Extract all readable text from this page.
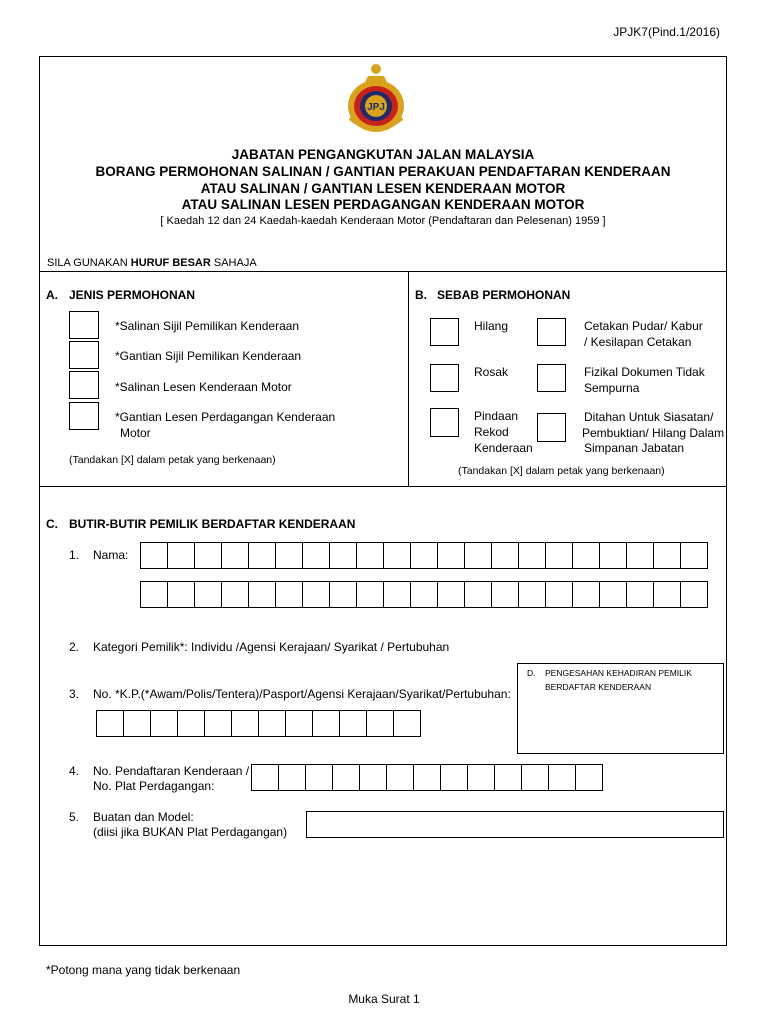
JPJK7(Pind.1/2016)
JPJ
JABATAN PENGANGKUTAN JALAN MALAYSIA
BORANG PERMOHONAN SALINAN / GANTIAN PERAKUAN PENDAFTARAN KENDERAAN
ATAU SALINAN / GANTIAN LESEN KENDERAAN MOTOR
ATAU SALINAN LESEN PERDAGANGAN KENDERAAN MOTOR
[ Kaedah 12 dan 24 Kaedah-kaedah Kenderaan Motor (Pendaftaran dan Pelesenan) 1959 ]
SILA GUNAKAN HURUF BESAR SAHAJA
A. JENIS PERMOHONAN
*Salinan Sijil Pemilikan Kenderaan
*Gantian Sijil Pemilikan Kenderaan
*Salinan Lesen Kenderaan Motor
*Gantian Lesen Perdagangan Kenderaan
Motor
(Tandakan [X] dalam petak yang berkenaan)
B. SEBAB PERMOHONAN
Hilang
Rosak
Pindaan
Rekod
Kenderaan
Cetakan Pudar/ Kabur
/ Kesilapan Cetakan
Fizikal Dokumen Tidak
Sempurna
Ditahan Untuk Siasatan/
Pembuktian/ Hilang Dalam
Simpanan Jabatan
(Tandakan [X] dalam petak yang berkenaan)
C. BUTIR-BUTIR PEMILIK BERDAFTAR KENDERAAN
1. Nama:
2. Kategori Pemilik*: Individu /Agensi Kerajaan/ Syarikat / Pertubuhan
3. No. *K.P.(*Awam/Polis/Tentera)/Pasport/Agensi Kerajaan/Syarikat/Pertubuhan:
D. PENGESAHAN KEHADIRAN PEMILIK
BERDAFTAR KENDERAAN
4. No. Pendaftaran Kenderaan /
No. Plat Perdagangan:
5. Buatan dan Model:
(diisi jika BUKAN Plat Perdagangan)
*Potong mana yang tidak berkenaan
Muka Surat 1
